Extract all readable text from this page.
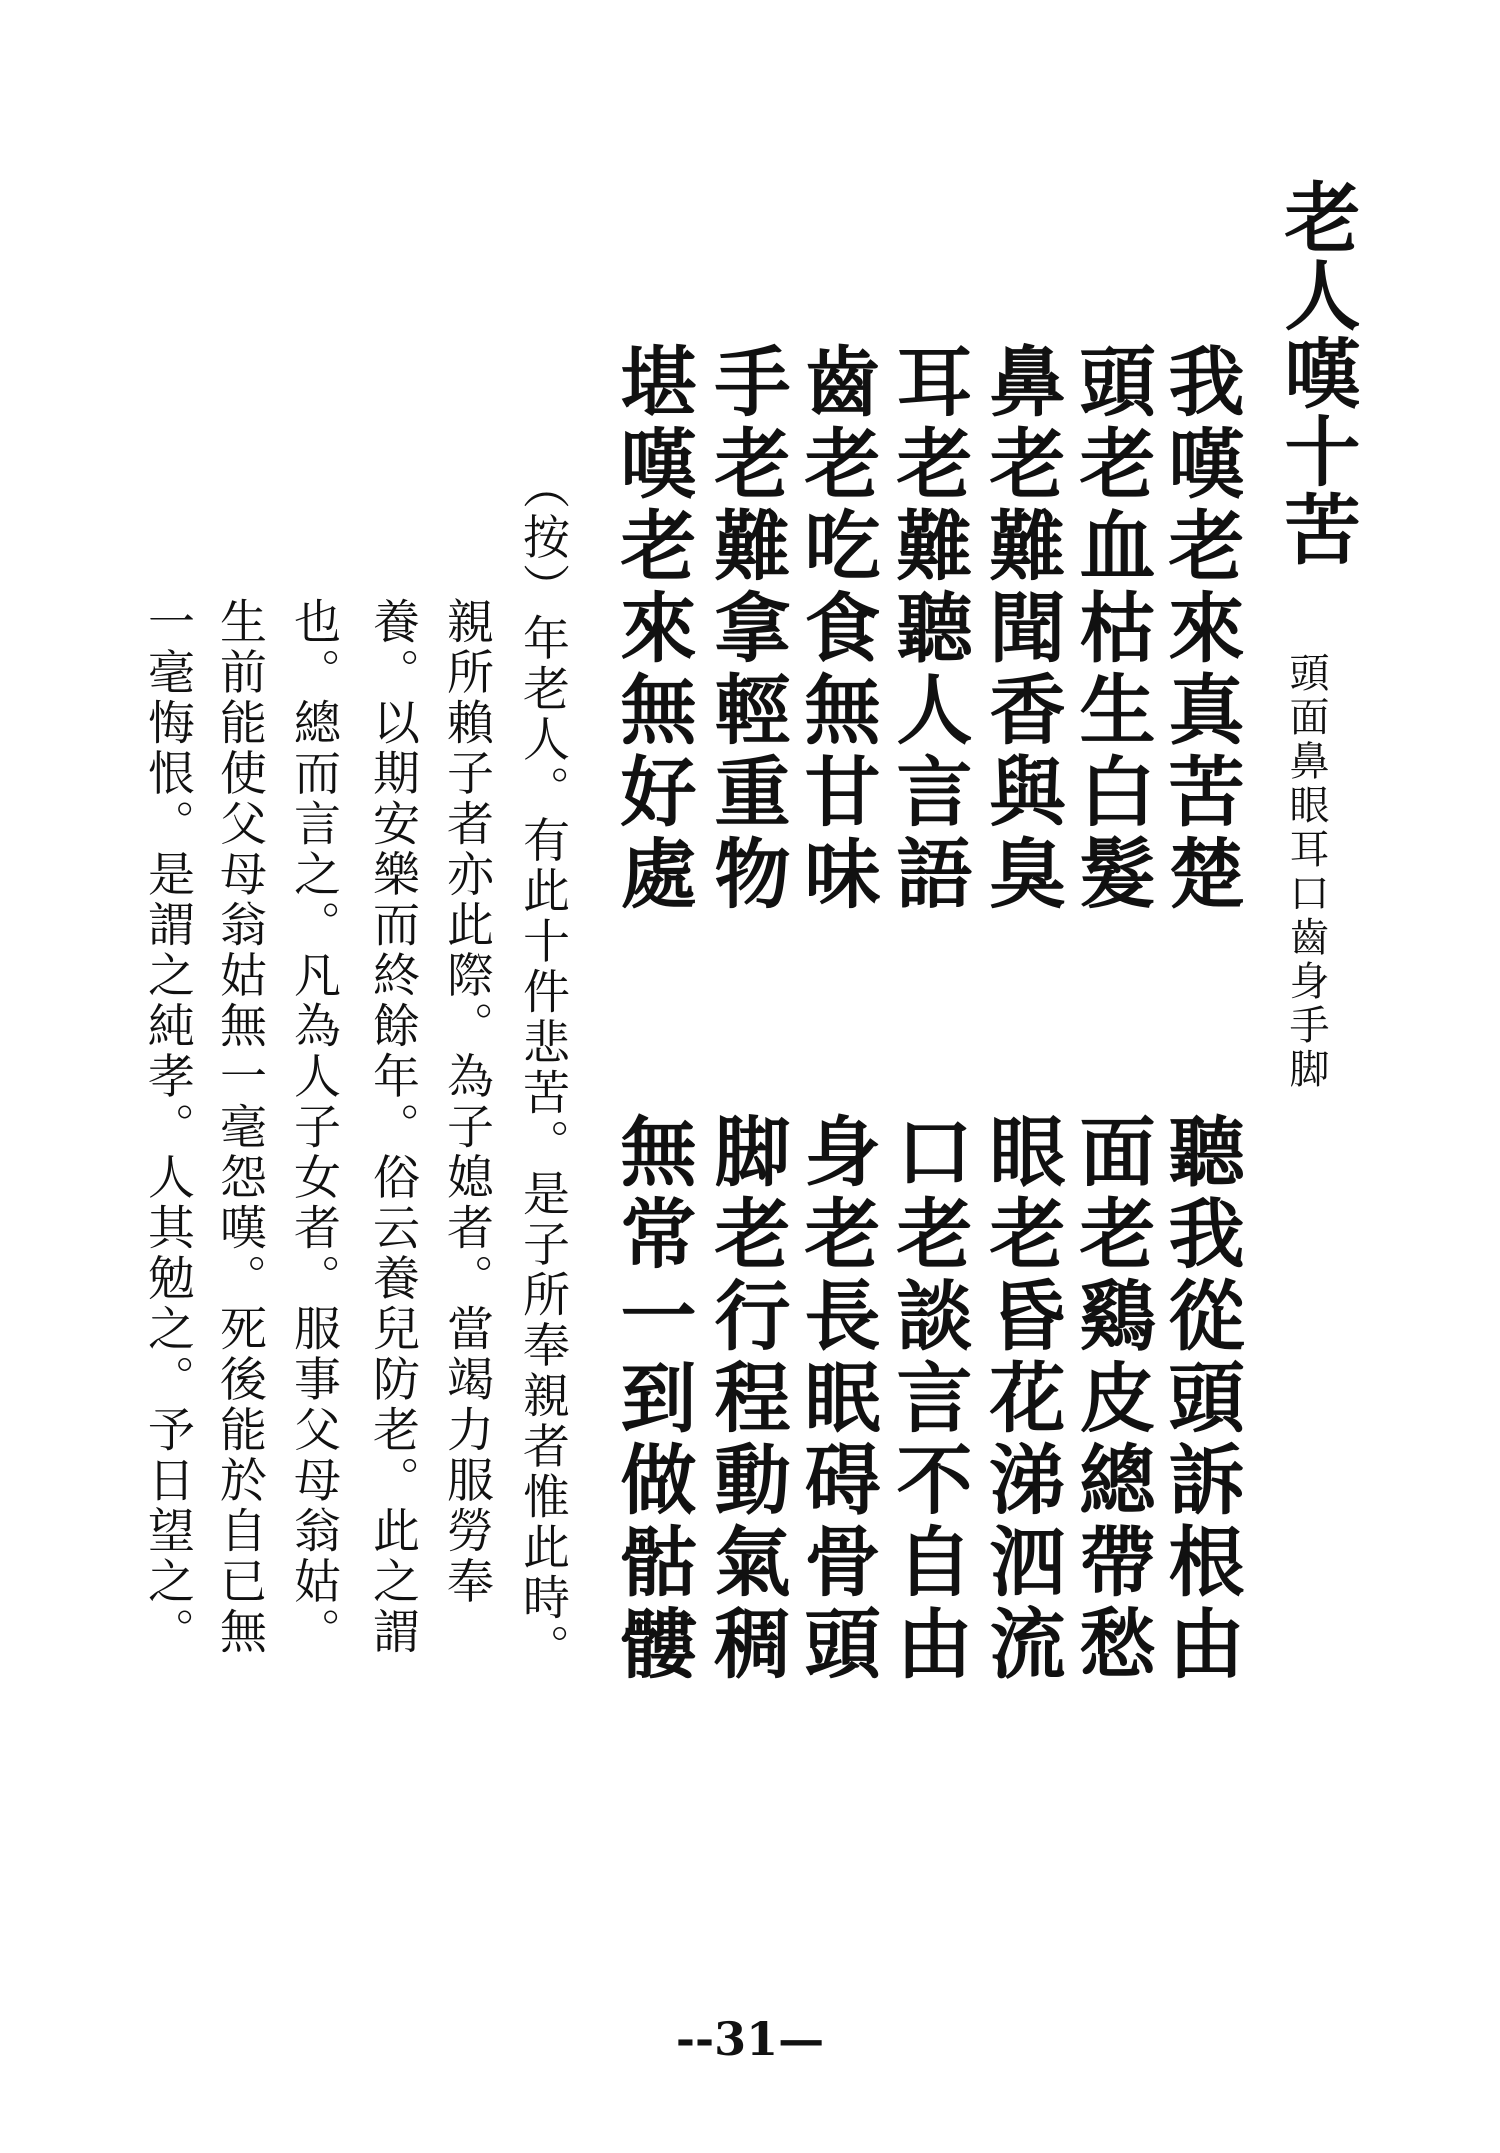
老人嘆十苦
頭面鼻眼耳口齒身手脚
我嘆老來真苦楚
頭老血枯生白髮
鼻老難聞香與臭
耳老難聽人言語
齒老吃食無甘味
手老難拿輕重物
堪嘆老來無好處
聽我從頭訴根由
面老鷄皮總帶愁
眼老昏花涕泗流
口老談言不自由
身老長眠碍骨頭
脚老行程動氣稠
無常一到做骷髏
（按）年老人。有此十件悲苦。是子所奉親者惟此時。
親所賴子者亦此際。為子媳者。當竭力服勞奉
養。以期安樂而終餘年。俗云養兒防老。此之謂
也。總而言之。凡為人子女者。服事父母翁姑。
生前能使父母翁姑無一毫怨嘆。死後能於自已無
一毫悔恨。是謂之純孝。人其勉之。予日望之。
--31—
